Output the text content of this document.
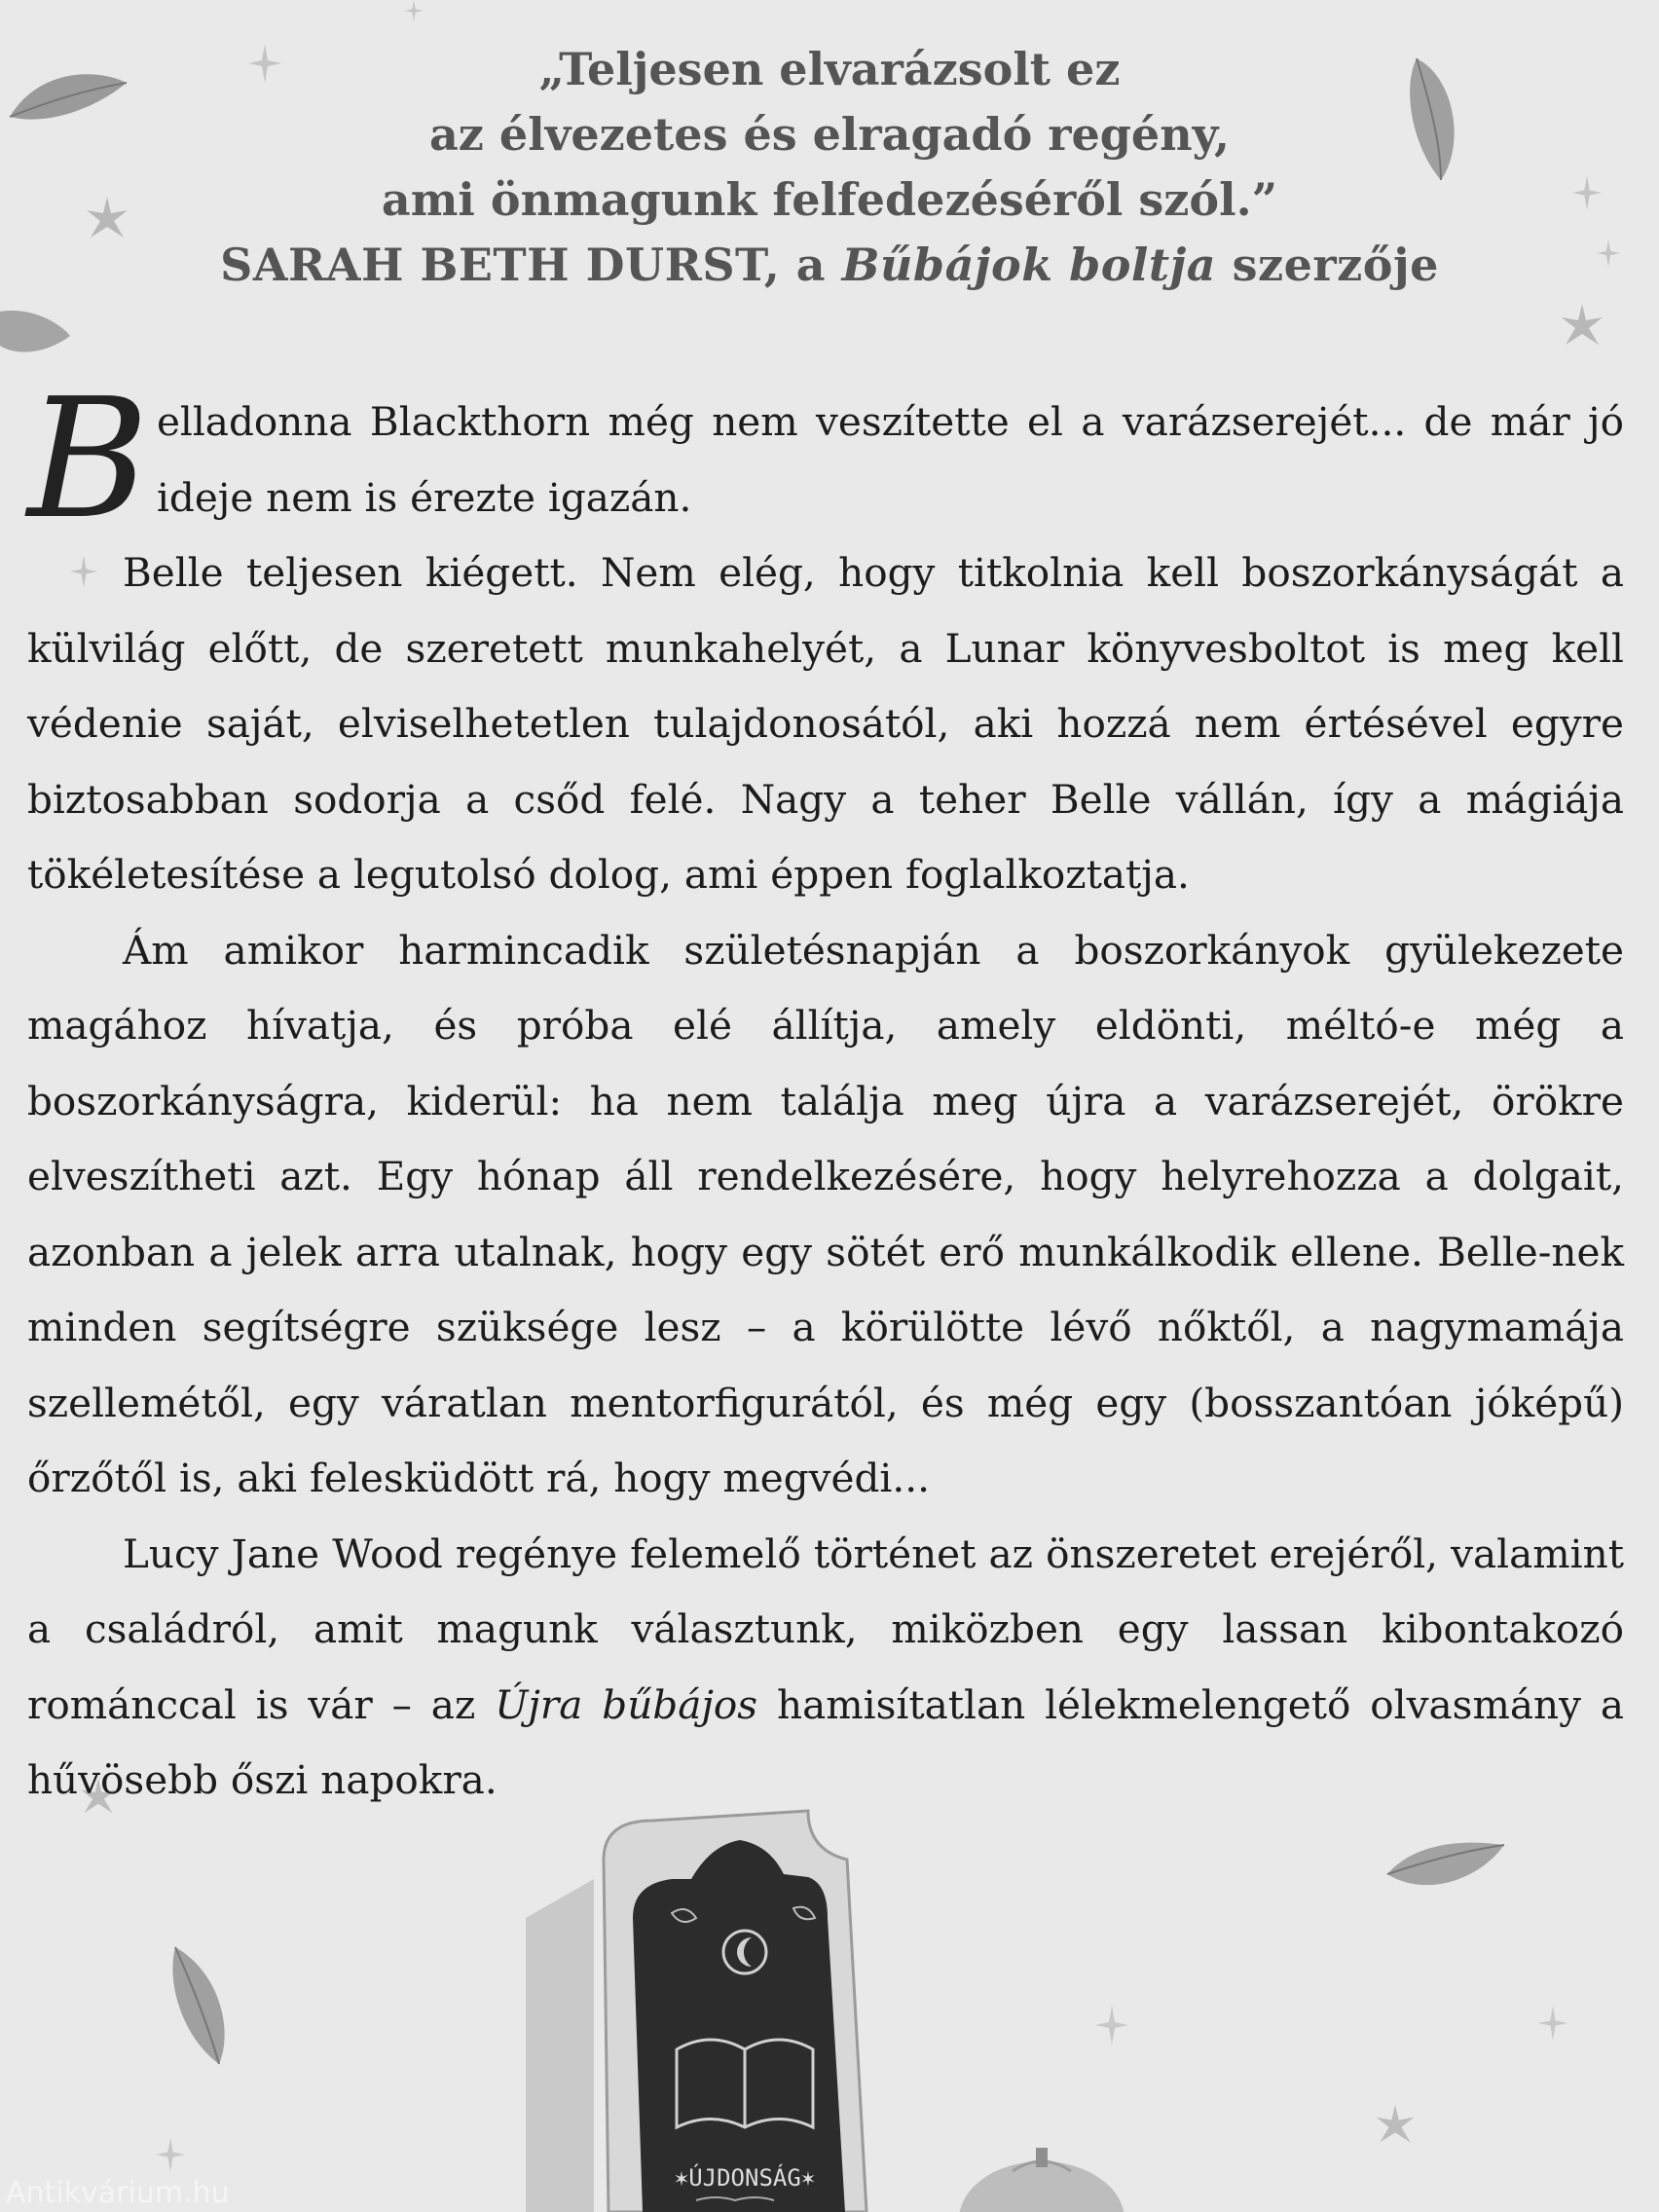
„Teljesen elvarázsolt ez
az élvezetes és elragadó regény,
ami önmagunk felfedezéséről szól.”
SARAH BETH DURST, a Bűbájok boltja szerzője

Belladonna Blackthorn még nem veszítette el a varázserejét... de már jó ideje nem is érezte igazán.

Belle teljesen kiégett. Nem elég, hogy titkolnia kell boszorkányságát a külvilág előtt, de szeretett munkahelyét, a Lunar könyvesboltot is meg kell védenie saját, elviselhetetlen tulajdonosától, aki hozzá nem értésével egyre biztosabban sodorja a csőd felé. Nagy a teher Belle vállán, így a mágiája tökéletesítése a legutolsó dolog, ami éppen foglalkoztatja.

Ám amikor harmincadik születésnapján a boszorkányok gyülekezete magához hívatja, és próba elé állítja, amely eldönti, méltó-e még a boszorkányságra, kiderül: ha nem találja meg újra a varázserejét, örökre elveszítheti azt. Egy hónap áll rendelkezésére, hogy helyrehozza a dolgait, azonban a jelek arra utalnak, hogy egy sötét erő munkálkodik ellene. Belle-nek minden segítségre szüksége lesz – a körülötte lévő nőktől, a nagymamája szellemétől, egy váratlan mentorfigurától, és még egy (bosszantóan jóképű) őrzőtől is, aki felesküdött rá, hogy megvédi...

Lucy Jane Wood regénye felemelő történet az önszeretet erejéről, valamint a családról, amit magunk választunk, miközben egy lassan kibontakozó románccal is vár – az Újra bűbájos hamisítatlan lélekmelengető olvasmány a hűvösebb őszi napokra.

✶ÚJDONSÁG✶
Antikvárium.hu
